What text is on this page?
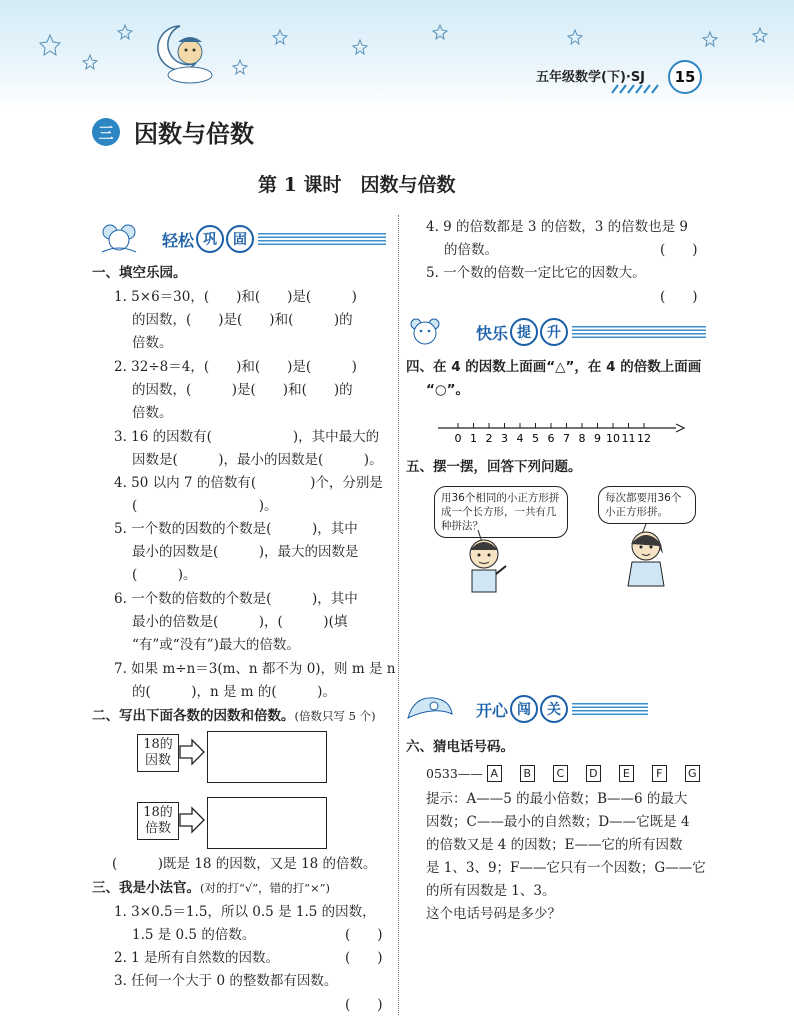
五年级数学(下)·SJ	15
三 因数与倍数
第 1 课时　因数与倍数
轻松 巩	固
一、填空乐园。
1. 5×6＝30，(　　)和(　　)是(　　　)
的因数，(　　)是(　　)和(　　　)的
倍数。
2. 32÷8＝4，(　　)和(　　)是(　　　)
的因数，(　　　)是(　　)和(　　)的
倍数。
3. 16 的因数有(　　　　　　)，其中最大的
因数是(　　　)，最小的因数是(　　　)。
4. 50 以内 7 的倍数有(　　　　)个，分别是
(　　　　　　　　　)。
5. 一个数的因数的个数是(　　　)，其中
最小的因数是(　　　)，最大的因数是
(　　　)。
6. 一个数的倍数的个数是(　　　)，其中
最小的倍数是(　　　)，(　　　)(填
“有”或“没有”)最大的倍数。
7. 如果 m÷n＝3(m、n 都不为 0)，则 m 是 n
的(　　　)，n 是 m 的(　　　)。
二、写出下面各数的因数和倍数。(倍数只写 5 个)
18的
因数
18的
倍数
(　　　)既是 18 的因数，又是 18 的倍数。
三、我是小法官。(对的打“√”，错的打“×”)
1. 3×0.5＝1.5，所以 0.5 是 1.5 的因数，
1.5 是 0.5 的倍数。	(　　)
2. 1 是所有自然数的因数。	(　　)
3. 任何一个大于 0 的整数都有因数。
(　　)
4. 9 的倍数都是 3 的倍数，3 的倍数也是 9
的倍数。	(　　)
5. 一个数的倍数一定比它的因数大。
(　　)
快乐 提	升
四、在 4 的因数上面画“△”，在 4 的倍数上面画
“○”。
0 1 2 3 4 5 6 7 8 9 10 11 12
五、摆一摆，回答下列问题。
用36个相同的小正方形拼成一个长方形，一共有几种拼法？
每次都要用36个小正方形拼。
开心 闯	关
六、猜电话号码。
0533—— A	B	C	D	E	F	G
提示：A——5 的最小倍数；B——6 的最大
因数；C——最小的自然数；D——它既是 4
的倍数又是 4 的因数；E——它的所有因数
是 1、3、9；F——它只有一个因数；G——它
的所有因数是 1、3。
这个电话号码是多少？
